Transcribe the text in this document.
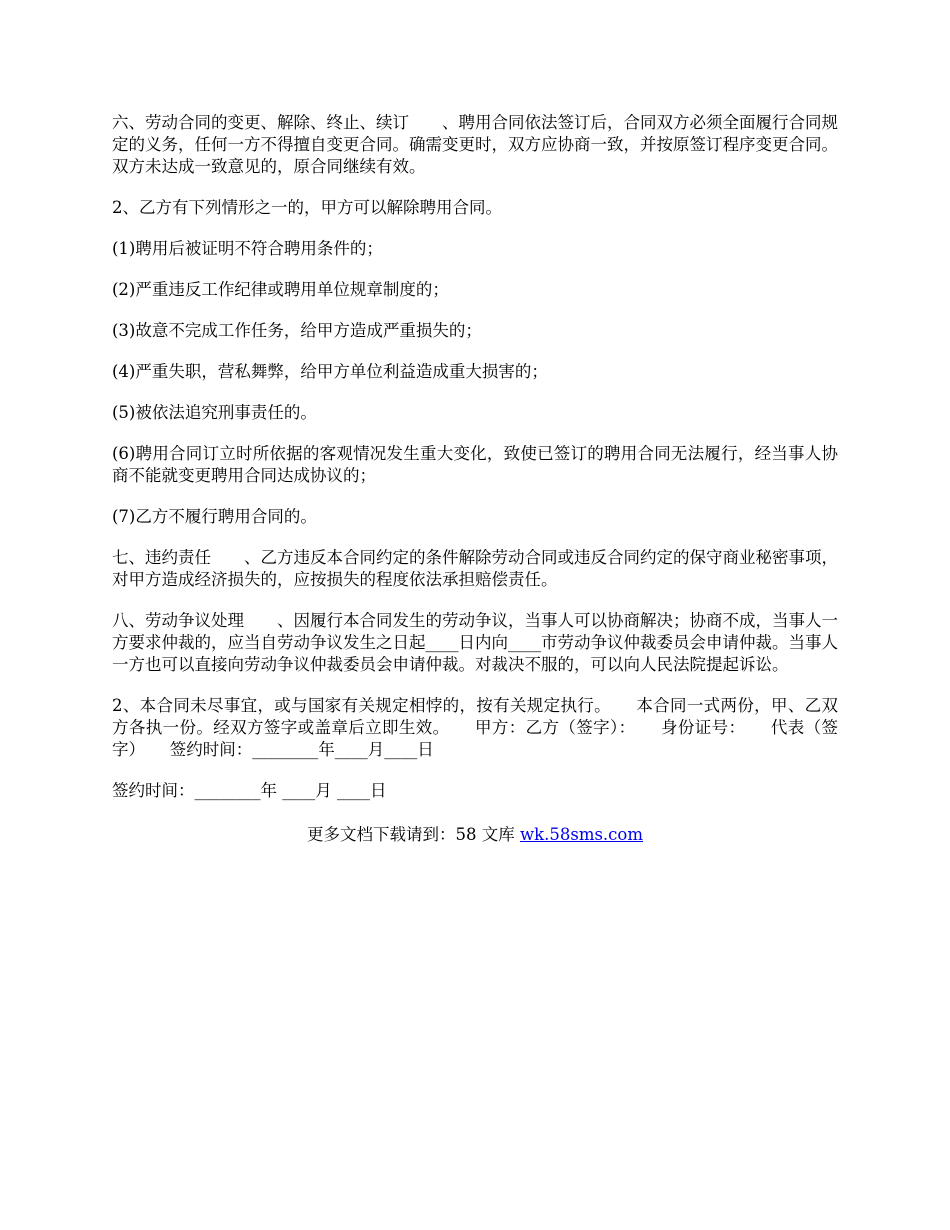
六、劳动合同的变更、解除、终止、续订　　、聘用合同依法签订后，合同双方必须全面履行合同规定的义务，任何一方不得擅自变更合同。确需变更时，双方应协商一致，并按原签订程序变更合同。双方未达成一致意见的，原合同继续有效。

2、乙方有下列情形之一的，甲方可以解除聘用合同。

(1)聘用后被证明不符合聘用条件的；

(2)严重违反工作纪律或聘用单位规章制度的；

(3)故意不完成工作任务，给甲方造成严重损失的；

(4)严重失职，营私舞弊，给甲方单位利益造成重大损害的；

(5)被依法追究刑事责任的。

(6)聘用合同订立时所依据的客观情况发生重大变化，致使已签订的聘用合同无法履行，经当事人协商不能就变更聘用合同达成协议的；

(7)乙方不履行聘用合同的。

七、违约责任　　、乙方违反本合同约定的条件解除劳动合同或违反合同约定的保守商业秘密事项，对甲方造成经济损失的，应按损失的程度依法承担赔偿责任。

八、劳动争议处理　　、因履行本合同发生的劳动争议，当事人可以协商解决；协商不成，当事人一方要求仲裁的，应当自劳动争议发生之日起____日内向____市劳动争议仲裁委员会申请仲裁。当事人一方也可以直接向劳动争议仲裁委员会申请仲裁。对裁决不服的，可以向人民法院提起诉讼。

2、本合同未尽事宜，或与国家有关规定相悖的，按有关规定执行。　　本合同一式两份，甲、乙双方各执一份。经双方签字或盖章后立即生效。　　甲方：乙方（签字）：　　身份证号：　　代表（签字）　　签约时间：________年____月____日

签约时间：________年 ____月 ____日

更多文档下载请到：58 文库 wk.58sms.com
